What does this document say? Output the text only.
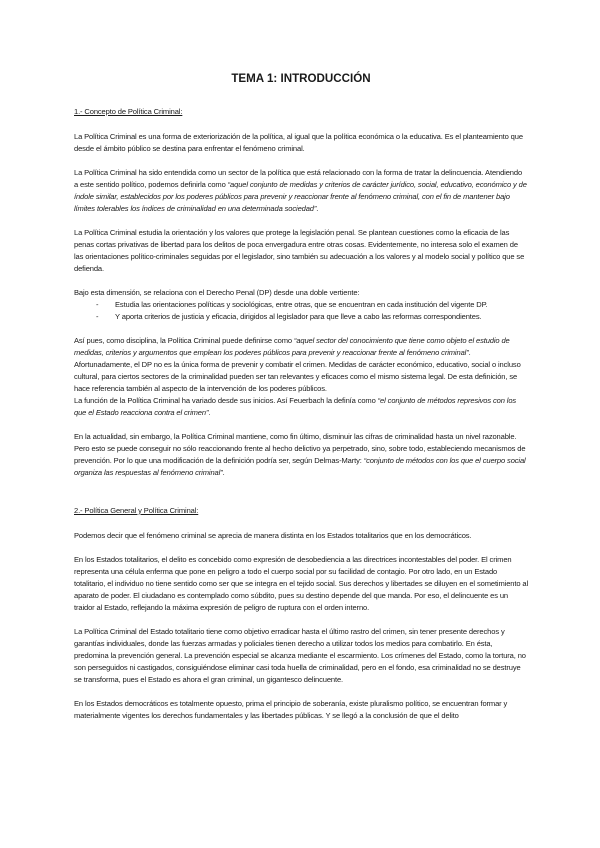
TEMA 1: INTRODUCCIÓN
1.- Concepto de Política Criminal:

La Política Criminal es una forma de exteriorización de la política, al igual que la política económica o la educativa. Es el planteamiento que desde el ámbito público se destina para enfrentar el fenómeno criminal.

La Política Criminal ha sido entendida como un sector de la política que está relacionado con la forma de tratar la delincuencia. Atendiendo a este sentido político, podemos definirla como “aquel conjunto de medidas y criterios de carácter jurídico, social, educativo, económico y de índole similar, establecidos por los poderes públicos para prevenir y reaccionar frente al fenómeno criminal, con el fin de mantener bajo límites tolerables los índices de criminalidad en una determinada sociedad”.

La Política Criminal estudia la orientación y los valores que protege la legislación penal. Se plantean cuestiones como la eficacia de las penas cortas privativas de libertad para los delitos de poca envergadura entre otras cosas. Evidentemente, no interesa solo el examen de las orientaciones político-criminales seguidas por el legislador, sino también su adecuación a los valores y al modelo social y político que se defienda.

Bajo esta dimensión, se relaciona con el Derecho Penal (DP) desde una doble vertiente:

- Estudia las orientaciones políticas y sociológicas, entre otras, que se encuentran en cada institución del vigente DP.
- Y aporta criterios de justicia y eficacia, dirigidos al legislador para que lleve a cabo las reformas correspondientes.

Así pues, como disciplina, la Política Criminal puede definirse como “aquel sector del conocimiento que tiene como objeto el estudio de medidas, criterios y argumentos que emplean los poderes públicos para prevenir y reaccionar frente al fenómeno criminal”. Afortunadamente, el DP no es la única forma de prevenir y combatir el crimen. Medidas de carácter económico, educativo, social o incluso cultural, para ciertos sectores de la criminalidad pueden ser tan relevantes y eficaces como el mismo sistema legal. De esta definición, se hace referencia también al aspecto de la intervención de los poderes públicos.

La función de la Política Criminal ha variado desde sus inicios. Así Feuerbach la definía como “el conjunto de métodos represivos con los que el Estado reacciona contra el crimen”.

En la actualidad, sin embargo, la Política Criminal mantiene, como fin último, disminuir las cifras de criminalidad hasta un nivel razonable. Pero esto se puede conseguir no sólo reaccionando frente al hecho delictivo ya perpetrado, sino, sobre todo, estableciendo mecanismos de prevención. Por lo que una modificación de la definición podría ser, según Delmas-Marty: “conjunto de métodos con los que el cuerpo social organiza las respuestas al fenómeno criminal”.

2.- Política General y Política Criminal:

Podemos decir que el fenómeno criminal se aprecia de manera distinta en los Estados totalitarios que en los democráticos.

En los Estados totalitarios, el delito es concebido como expresión de desobediencia a las directrices incontestables del poder. El crimen representa una célula enferma que pone en peligro a todo el cuerpo social por su facilidad de contagio. Por otro lado, en un Estado totalitario, el individuo no tiene sentido como ser que se integra en el tejido social. Sus derechos y libertades se diluyen en el sometimiento al aparato de poder. El ciudadano es contemplado como súbdito, pues su destino depende del que manda. Por eso, el delincuente es un traidor al Estado, reflejando la máxima expresión de peligro de ruptura con el orden interno.

La Política Criminal del Estado totalitario tiene como objetivo erradicar hasta el último rastro del crimen, sin tener presente derechos y garantías individuales, donde las fuerzas armadas y policiales tienen derecho a utilizar todos los medios para combatirlo. En ésta, predomina la prevención general. La prevención especial se alcanza mediante el escarmiento. Los crímenes del Estado, como la tortura, no son perseguidos ni castigados, consiguiéndose eliminar casi toda huella de criminalidad, pero en el fondo, esa criminalidad no se destruye se transforma, pues el Estado es ahora el gran criminal, un gigantesco delincuente.

En los Estados democráticos es totalmente opuesto, prima el principio de soberanía, existe pluralismo político, se encuentran formar y materialmente vigentes los derechos fundamentales y las libertades públicas. Y se llegó a la conclusión de que el delito
